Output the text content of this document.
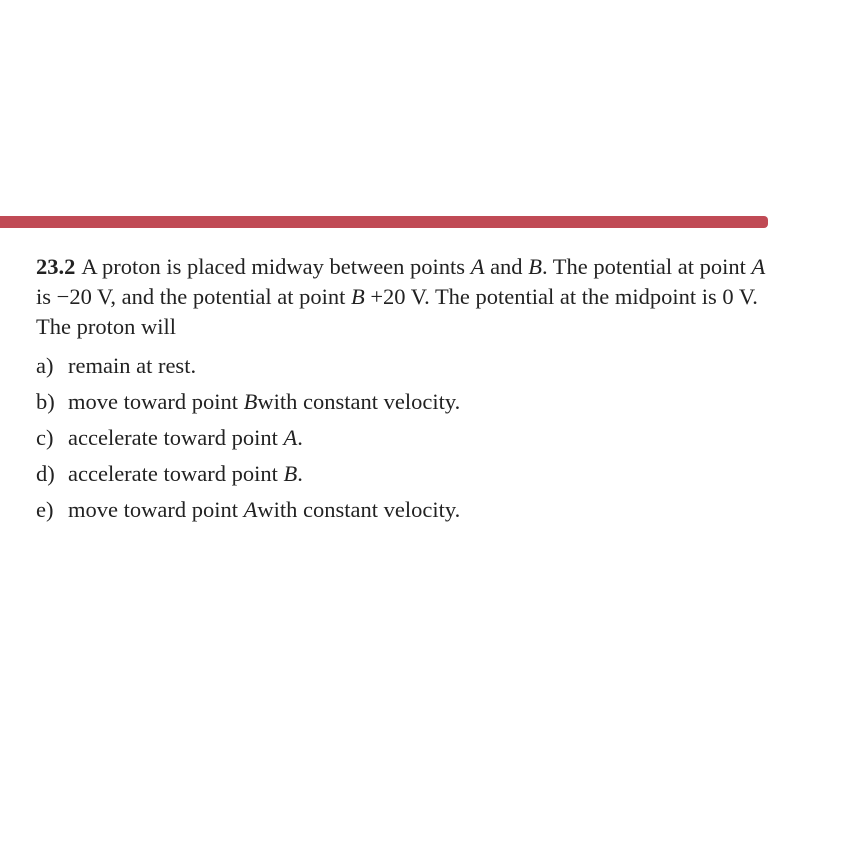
23.2 A proton is placed midway between points A and B. The potential at point A is −20 V, and the potential at point B +20 V. The potential at the midpoint is 0 V. The proton will

a) remain at rest.
b) move toward point
B with constant velocity.
c) accelerate toward point
A .
d) accelerate toward point
B .
e) move toward point
A with constant velocity.
